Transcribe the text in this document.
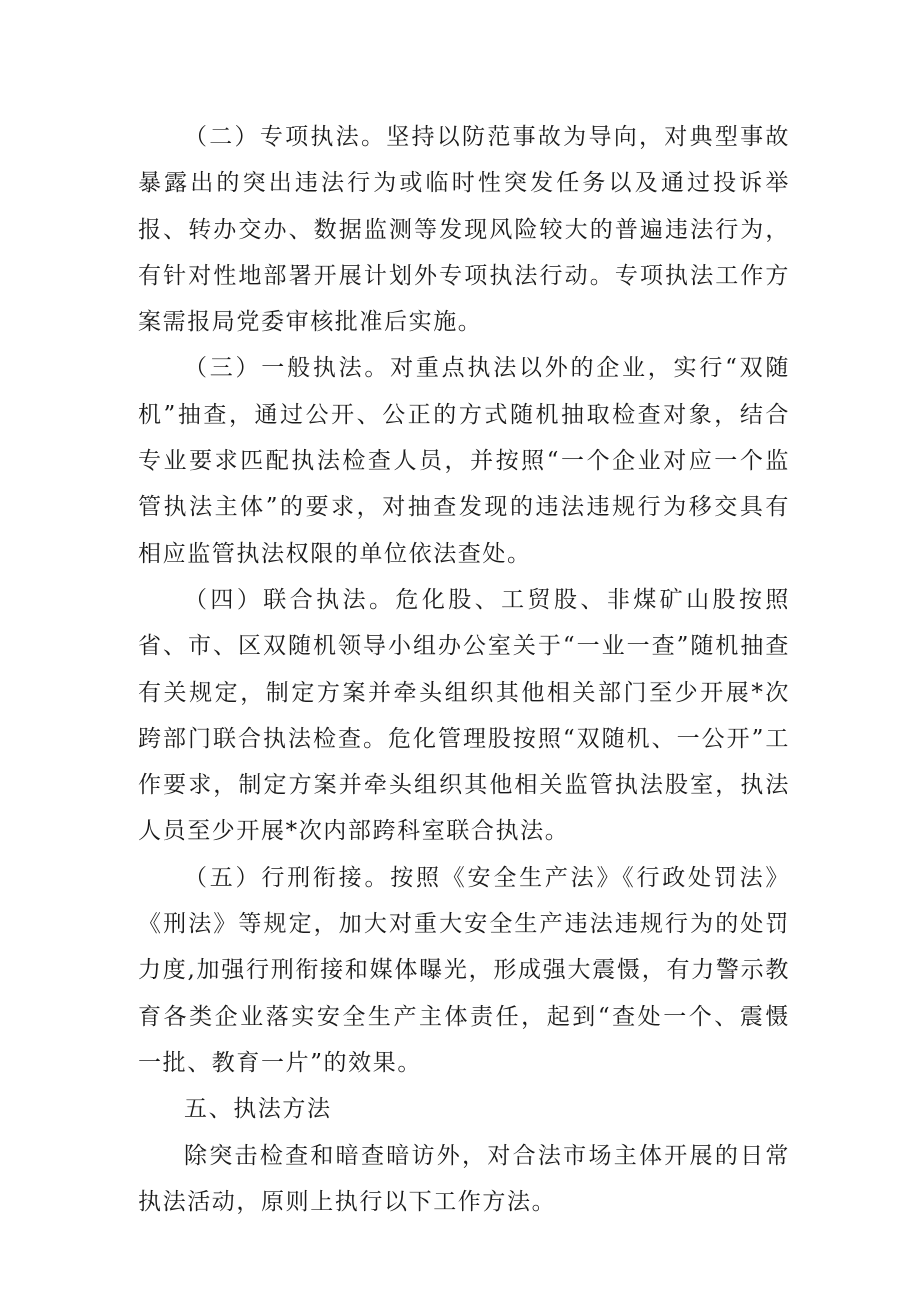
（二）专项执法。坚持以防范事故为导向，对典型事故暴露出的突出违法行为或临时性突发任务以及通过投诉举报、转办交办、数据监测等发现风险较大的普遍违法行为，有针对性地部署开展计划外专项执法行动。专项执法工作方案需报局党委审核批准后实施。

（三）一般执法。对重点执法以外的企业，实行“双随机”抽查，通过公开、公正的方式随机抽取检查对象，结合专业要求匹配执法检查人员，并按照“一个企业对应一个监管执法主体”的要求，对抽查发现的违法违规行为移交具有相应监管执法权限的单位依法查处。

（四）联合执法。危化股、工贸股、非煤矿山股按照省、市、区双随机领导小组办公室关于“一业一查”随机抽查有关规定，制定方案并牵头组织其他相关部门至少开展*次跨部门联合执法检查。危化管理股按照“双随机、一公开”工作要求，制定方案并牵头组织其他相关监管执法股室，执法人员至少开展*次内部跨科室联合执法。

（五）行刑衔接。按照《安全生产法》《行政处罚法》《刑法》等规定，加大对重大安全生产违法违规行为的处罚力度,加强行刑衔接和媒体曝光，形成强大震慑，有力警示教育各类企业落实安全生产主体责任，起到“查处一个、震慑一批、教育一片”的效果。

五、执法方法

除突击检查和暗查暗访外，对合法市场主体开展的日常执法活动，原则上执行以下工作方法。
